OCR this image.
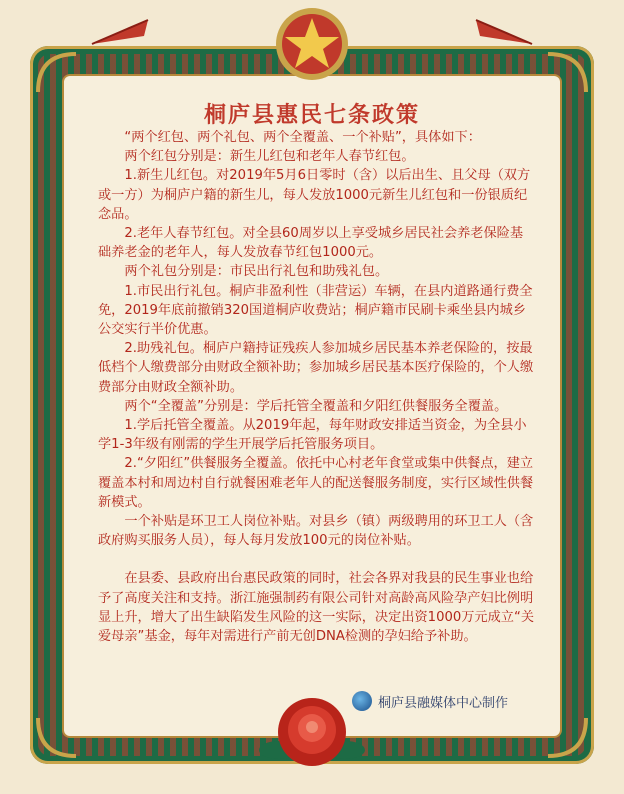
桐庐县惠民七条政策

“两个红包、两个礼包、两个全覆盖、一个补贴”，具体如下：

两个红包分别是：新生儿红包和老年人春节红包。

1.新生儿红包。对2019年5月6日零时（含）以后出生、且父母（双方或一方）为桐庐户籍的新生儿，每人发放1000元新生儿红包和一份银质纪念品。

2.老年人春节红包。对全县60周岁以上享受城乡居民社会养老保险基础养老金的老年人，每人发放春节红包1000元。

两个礼包分别是：市民出行礼包和助残礼包。

1.市民出行礼包。桐庐非盈利性（非营运）车辆，在县内道路通行费全免，2019年底前撤销320国道桐庐收费站；桐庐籍市民刷卡乘坐县内城乡公交实行半价优惠。

2.助残礼包。桐庐户籍持证残疾人参加城乡居民基本养老保险的，按最低档个人缴费部分由财政全额补助；参加城乡居民基本医疗保险的，个人缴费部分由财政全额补助。

两个“全覆盖”分别是：学后托管全覆盖和夕阳红供餐服务全覆盖。

1.学后托管全覆盖。从2019年起，每年财政安排适当资金，为全县小学1-3年级有刚需的学生开展学后托管服务项目。

2.“夕阳红”供餐服务全覆盖。依托中心村老年食堂或集中供餐点，建立覆盖本村和周边村自行就餐困难老年人的配送餐服务制度，实行区域性供餐新模式。

一个补贴是环卫工人岗位补贴。对县乡（镇）两级聘用的环卫工人（含政府购买服务人员），每人每月发放100元的岗位补贴。

在县委、县政府出台惠民政策的同时，社会各界对我县的民生事业也给予了高度关注和支持。浙江施强制药有限公司针对高龄高风险孕产妇比例明显上升，增大了出生缺陷发生风险的这一实际，决定出资1000万元成立“关爱母亲”基金，每年对需进行产前无创DNA检测的孕妇给予补助。

桐庐县融媒体中心制作
